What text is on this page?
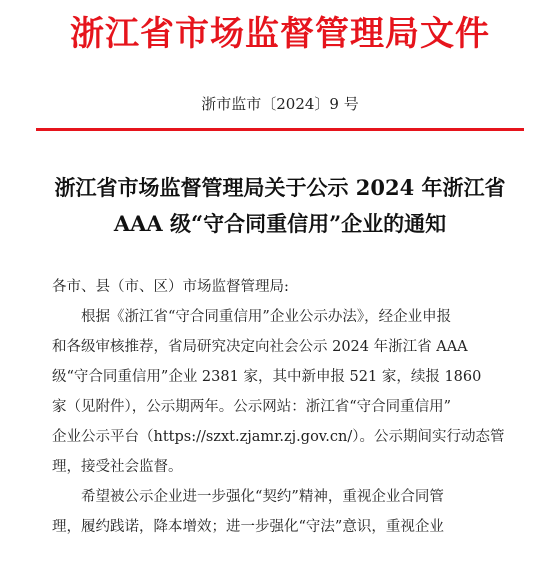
浙江省市场监督管理局文件
浙市监市〔2024〕9 号
浙江省市场监督管理局关于公示 2024 年浙江省
AAA 级“守合同重信用”企业的通知
各市、县（市、区）市场监督管理局:

根据《浙江省“守合同重信用”企业公示办法》，经企业申报
和各级审核推荐，省局研究决定向社会公示 2024 年浙江省 AAA
级“守合同重信用”企业 2381 家，其中新申报 521 家，续报 1860
家（见附件），公示期两年。公示网站：浙江省“守合同重信用”
企业公示平台（https://szxt.zjamr.zj.gov.cn/）。公示期间实行动态管
理，接受社会监督。

希望被公示企业进一步强化“契约”精神，重视企业合同管
理，履约践诺，降本增效；进一步强化“守法”意识，重视企业
